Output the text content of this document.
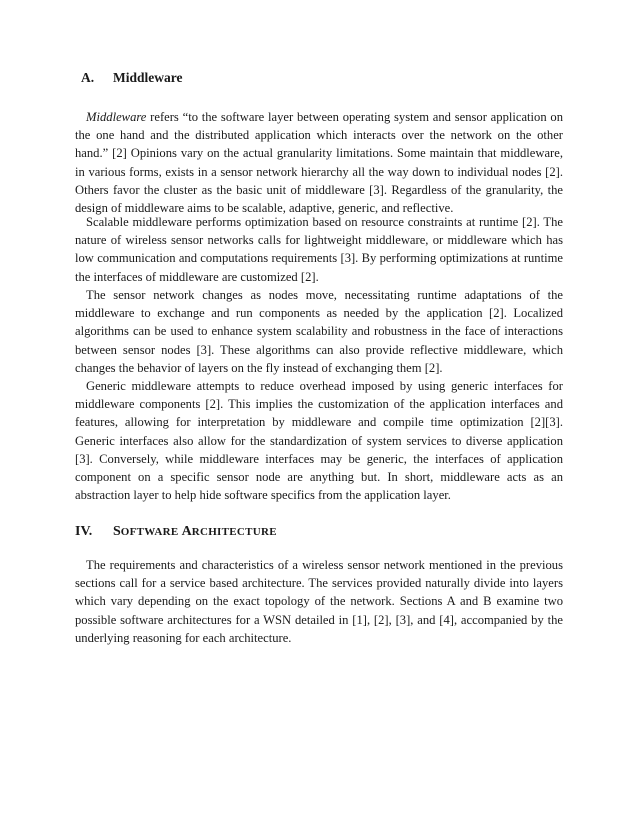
A. Middleware

Middleware refers “to the software layer between operating system and sensor application on the one hand and the distributed application which interacts over the network on the other hand.” [2] Opinions vary on the actual granularity limitations. Some maintain that middleware, in various forms, exists in a sensor network hierarchy all the way down to individual nodes [2]. Others favor the cluster as the basic unit of middleware [3]. Regardless of the granularity, the design of middleware aims to be scalable, adaptive, generic, and reflective.

Scalable middleware performs optimization based on resource constraints at runtime [2]. The nature of wireless sensor networks calls for lightweight middleware, or middleware which has low communication and computations requirements [3]. By performing optimizations at runtime the interfaces of middleware are customized [2].

The sensor network changes as nodes move, necessitating runtime adaptations of the middleware to exchange and run components as needed by the application [2]. Localized algorithms can be used to enhance system scalability and robustness in the face of interactions between sensor nodes [3]. These algorithms can also provide reflective middleware, which changes the behavior of layers on the fly instead of exchanging them [2].

Generic middleware attempts to reduce overhead imposed by using generic interfaces for middleware components [2]. This implies the customization of the application interfaces and features, allowing for interpretation by middleware and compile time optimization [2][3]. Generic interfaces also allow for the standardization of system services to diverse application [3]. Conversely, while middleware interfaces may be generic, the interfaces of application component on a specific sensor node are anything but. In short, middleware acts as an abstraction layer to help hide software specifics from the application layer.

IV. SOFTWARE ARCHITECTURE

The requirements and characteristics of a wireless sensor network mentioned in the previous sections call for a service based architecture. The services provided naturally divide into layers which vary depending on the exact topology of the network. Sections A and B examine two possible software architectures for a WSN detailed in [1], [2], [3], and [4], accompanied by the underlying reasoning for each architecture.
